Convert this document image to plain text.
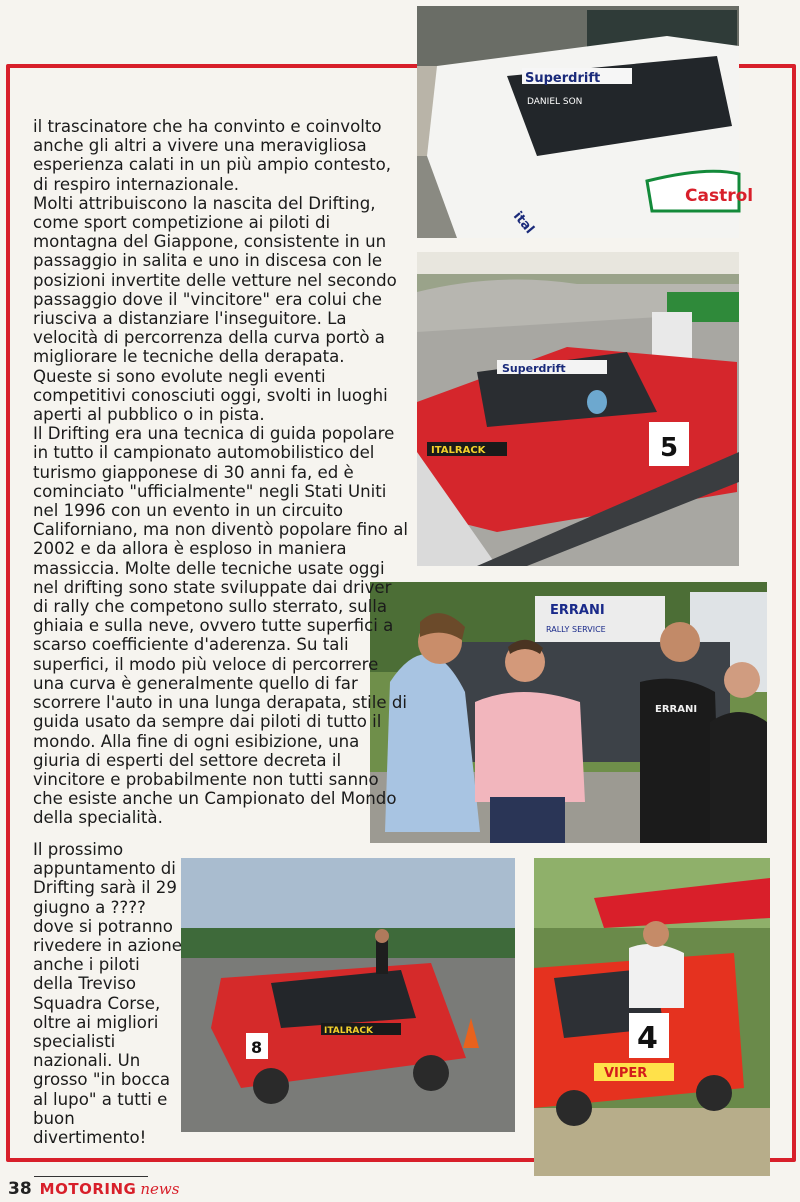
Superdrift
DANIEL SON
Castrol
ital
Superdrift
ITALRACK	5
ERRANI
RALLY SERVICE
ERRANI
ITALRACK
8	4
VIPER

il trascinatore che ha convinto e coinvolto anche gli altri a vivere una meravigliosa esperienza calati in un più ampio contesto, di respiro internazionale.

Molti attribuiscono la nascita del Drifting, come sport competizione ai piloti di montagna del Giappone, consistente in un passaggio in salita e uno in discesa con le posizioni invertite delle vetture nel secondo passaggio dove il "vincitore" era colui che riusciva a distanziare l'inseguitore. La velocità di percorrenza della curva portò a migliorare le tecniche della derapata. Queste si sono evolute negli eventi competitivi conosciuti oggi, svolti in luoghi aperti al pubblico o in pista.

Il Drifting era una tecnica di guida popolare in tutto il campionato automobilistico del turismo giapponese di 30 anni fa, ed è cominciato "ufficialmente" negli Stati Uniti nel 1996 con un evento in un circuito Californiano, ma non diventò popolare fino al 2002 e da allora è esploso in maniera massiccia. Molte delle tecniche usate oggi nel drifting sono state sviluppate dai driver di rally che competono sullo sterrato, sulla ghiaia e sulla neve, ovvero tutte superfici a scarso coefficiente d'aderenza. Su tali superfici, il modo più veloce di percorrere una curva è generalmente quello di far scorrere l'auto in una lunga derapata, stile di guida usato da sempre dai piloti di tutto il mondo. Alla fine di ogni esibizione, una giuria di esperti del settore decreta il vincitore e probabilmente non tutti sanno che esiste anche un Campionato del Mondo della specialità.

Il prossimo appuntamento di Drifting sarà il 29 giugno a ????dove si potranno rivedere in azione anche i piloti della Treviso Squadra Corse, oltre ai migliori specialisti nazionali. Un grosso "in bocca al lupo" a tutti e buon divertimento!

38 MOTORING news
